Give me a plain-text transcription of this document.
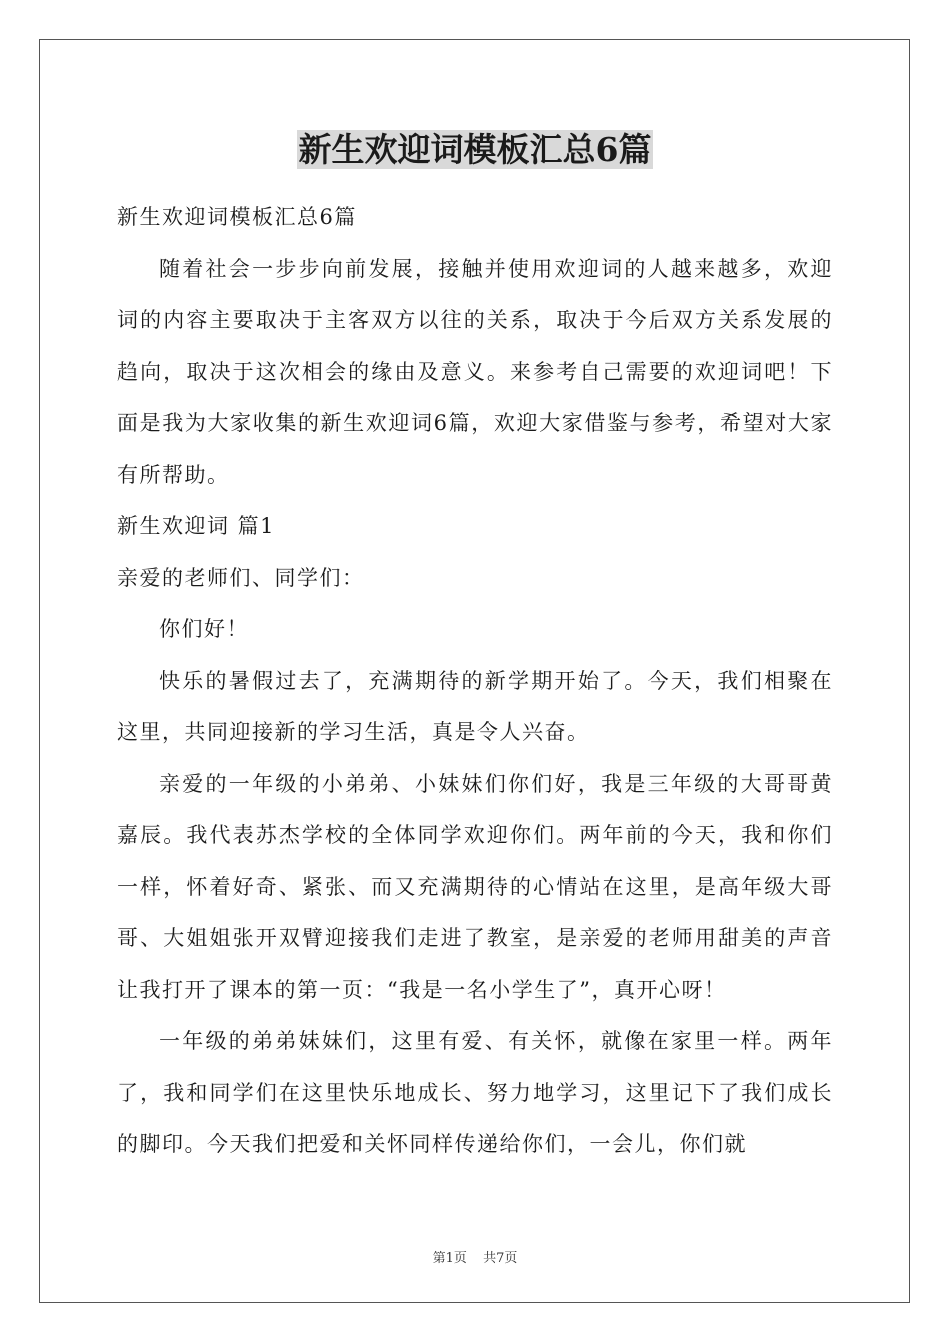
新生欢迎词模板汇总6篇

新生欢迎词模板汇总6篇

随着社会一步步向前发展，接触并使用欢迎词的人越来越多，欢迎词的内容主要取决于主客双方以往的关系，取决于今后双方关系发展的趋向，取决于这次相会的缘由及意义。来参考自己需要的欢迎词吧！下面是我为大家收集的新生欢迎词6篇，欢迎大家借鉴与参考，希望对大家有所帮助。

新生欢迎词 篇1

亲爱的老师们、同学们：

你们好！

快乐的暑假过去了，充满期待的新学期开始了。今天，我们相聚在这里，共同迎接新的学习生活，真是令人兴奋。

亲爱的一年级的小弟弟、小妹妹们你们好，我是三年级的大哥哥黄嘉辰。我代表苏杰学校的全体同学欢迎你们。两年前的今天，我和你们一样，怀着好奇、紧张、而又充满期待的心情站在这里，是高年级大哥哥、大姐姐张开双臂迎接我们走进了教室，是亲爱的老师用甜美的声音让我打开了课本的第一页：“我是一名小学生了”，真开心呀！

一年级的弟弟妹妹们，这里有爱、有关怀，就像在家里一样。两年了，我和同学们在这里快乐地成长、努力地学习，这里记下了我们成长的脚印。今天我们把爱和关怀同样传递给你们，一会儿，你们就

第1页 共7页
